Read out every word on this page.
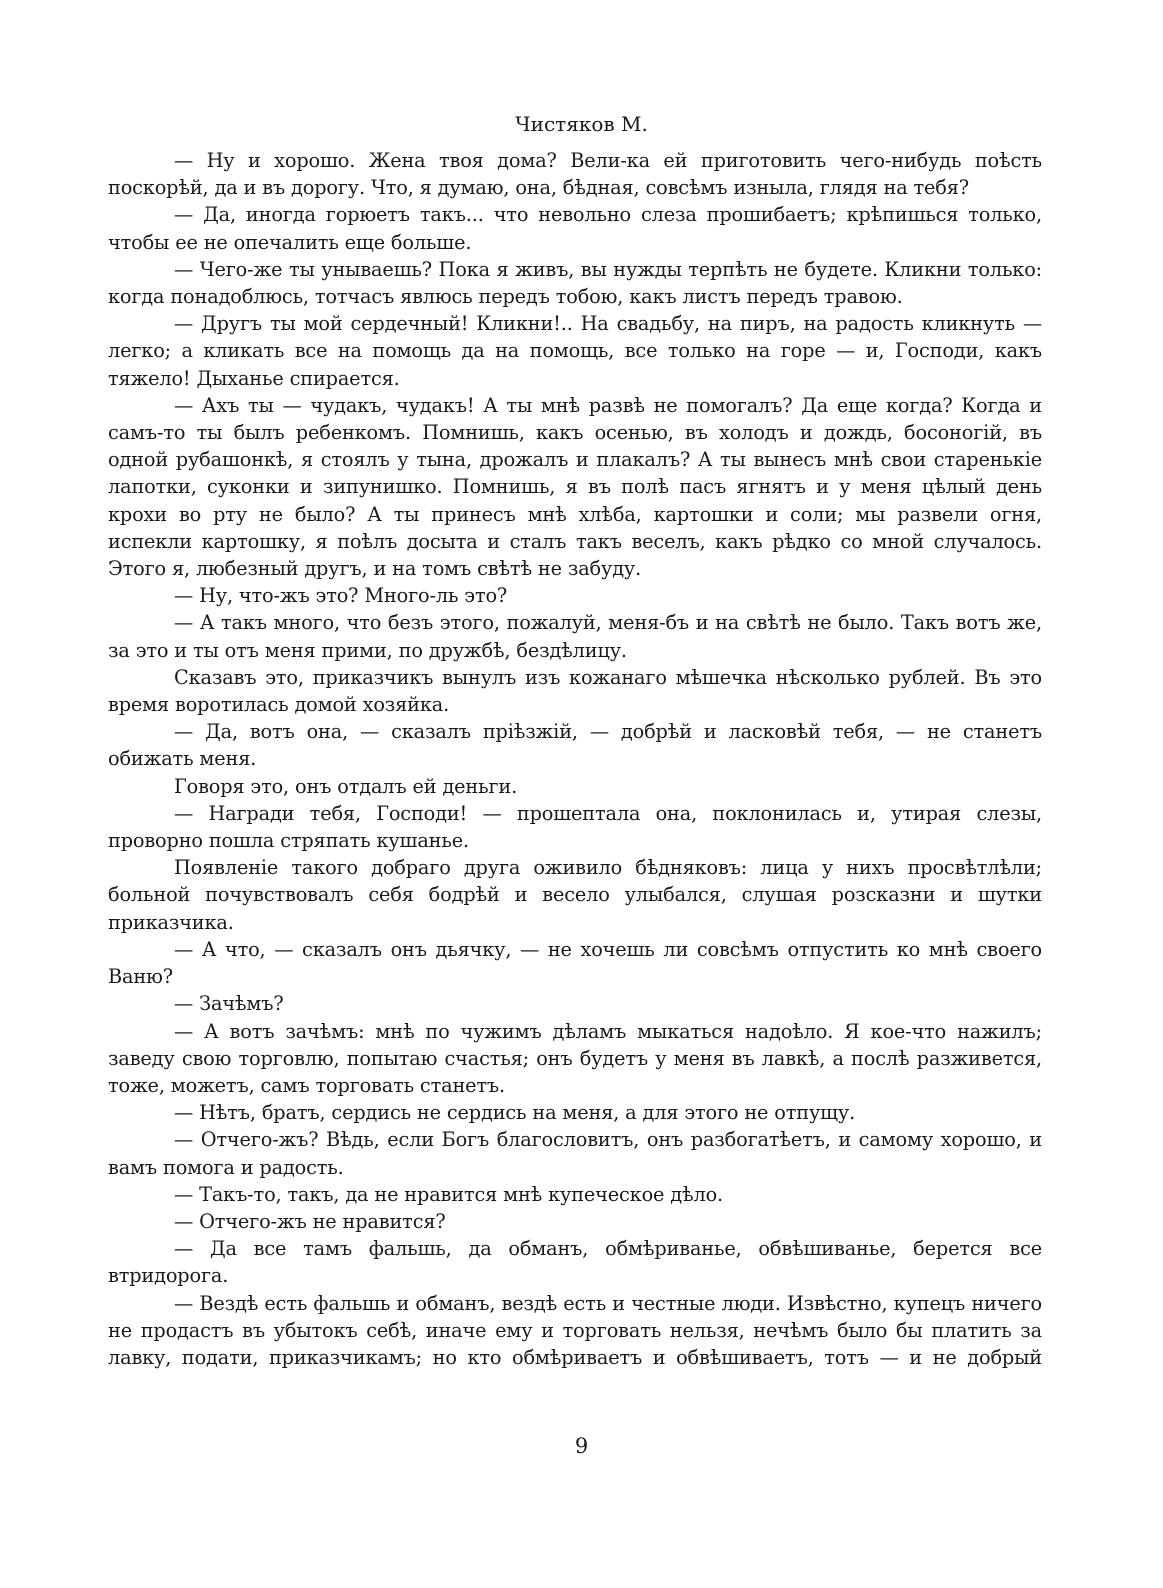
Чистяков М.

— Ну и хорошо. Жена твоя дома? Вели-ка ей приготовить чего-нибудь поѣсть поскорѣй, да и въ дорогу. Что, я думаю, она, бѣдная, совсѣмъ изныла, глядя на тебя?

— Да, иногда горюетъ такъ... что невольно слеза прошибаетъ; крѣпишься только, чтобы ее не опечалить еще больше.

— Чего-же ты унываешь? Пока я живъ, вы нужды терпѣть не будете. Кликни только: когда понадоблюсь, тотчасъ явлюсь передъ тобою, какъ листъ передъ травою.

— Другъ ты мой сердечный! Кликни!.. На свадьбу, на пиръ, на радость кликнуть — легко; а кликать все на помощь да на помощь, все только на горе — и, Господи, какъ тяжело! Дыханье спирается.

— Ахъ ты — чудакъ, чудакъ! А ты мнѣ развѣ не помогалъ? Да еще когда? Когда и самъ-то ты былъ ребенкомъ. Помнишь, какъ осенью, въ холодъ и дождь, босоногій, въ одной рубашонкѣ, я стоялъ у тына, дрожалъ и плакалъ? А ты вынесъ мнѣ свои старенькіе лапотки, суконки и зипунишко. Помнишь, я въ полѣ пасъ ягнятъ и у меня цѣлый день крохи во рту не было? А ты принесъ мнѣ хлѣба, картошки и соли; мы развели огня, испекли картошку, я поѣлъ досыта и сталъ такъ веселъ, какъ рѣдко со мной случалось. Этого я, любезный другъ, и на томъ свѣтѣ не забуду.

— Ну, что-жъ это? Много-ль это?

— А такъ много, что безъ этого, пожалуй, меня-бъ и на свѣтѣ не было. Такъ вотъ же, за это и ты отъ меня прими, по дружбѣ, бездѣлицу.

Сказавъ это, приказчикъ вынулъ изъ кожанаго мѣшечка нѣсколько рублей. Въ это время воротилась домой хозяйка.

— Да, вотъ она, — сказалъ пріѣзжій, — добрѣй и ласковѣй тебя, — не станетъ обижать меня.

Говоря это, онъ отдалъ ей деньги.

— Награди тебя, Господи! — прошептала она, поклонилась и, утирая слезы, проворно пошла стряпать кушанье.

Появленіе такого добраго друга оживило бѣдняковъ: лица у нихъ просвѣтлѣли; больной почувствовалъ себя бодрѣй и весело улыбался, слушая розсказни и шутки приказчика.

— А что, — сказалъ онъ дьячку, — не хочешь ли совсѣмъ отпустить ко мнѣ своего Ваню?

— Зачѣмъ?

— А вотъ зачѣмъ: мнѣ по чужимъ дѣламъ мыкаться надоѣло. Я кое-что нажилъ; заведу свою торговлю, попытаю счастья; онъ будетъ у меня въ лавкѣ, а послѣ разживется, тоже, можетъ, самъ торговать станетъ.

— Нѣтъ, братъ, сердись не сердись на меня, а для этого не отпущу.

— Отчего-жъ? Вѣдь, если Богъ благословитъ, онъ разбогатѣетъ, и самому хорошо, и вамъ помога и радость.

— Такъ-то, такъ, да не нравится мнѣ купеческое дѣло.

— Отчего-жъ не нравится?

— Да все тамъ фальшь, да обманъ, обмѣриванье, обвѣшиванье, берется все втридорога.

— Вездѣ есть фальшь и обманъ, вездѣ есть и честные люди. Извѣстно, купецъ ничего не продастъ въ убытокъ себѣ, иначе ему и торговать нельзя, нечѣмъ было бы платить за лавку, подати, приказчикамъ; но кто обмѣриваетъ и обвѣшиваетъ, тотъ — и не добрый

9
